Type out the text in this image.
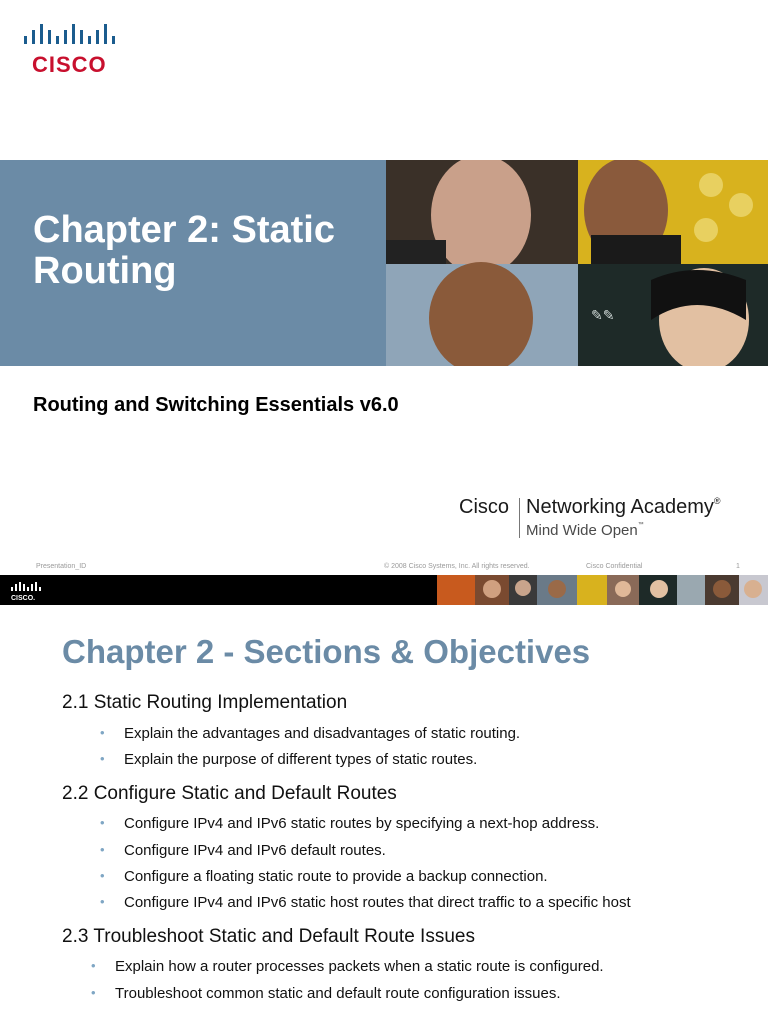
CISCO
Chapter 2: Static Routing
✎✎
Routing and Switching Essentials v6.0
Cisco Networking Academy®
Mind Wide Open™
Presentation_ID	© 2008 Cisco Systems, Inc. All rights reserved.	Cisco Confidential	1
CISCO.
Chapter 2 - Sections & Objectives
2.1 Static Routing Implementation
• Explain the advantages and disadvantages of static routing.
• Explain the purpose of different types of static routes.
2.2 Configure Static and Default Routes
• Configure IPv4 and IPv6 static routes by specifying a next-hop address.
• Configure IPv4 and IPv6 default routes.
• Configure a floating static route to provide a backup connection.
• Configure IPv4 and IPv6 static host routes that direct traffic to a specific host
2.3 Troubleshoot Static and Default Route Issues
• Explain how a router processes packets when a static route is configured.
• Troubleshoot common static and default route configuration issues.
